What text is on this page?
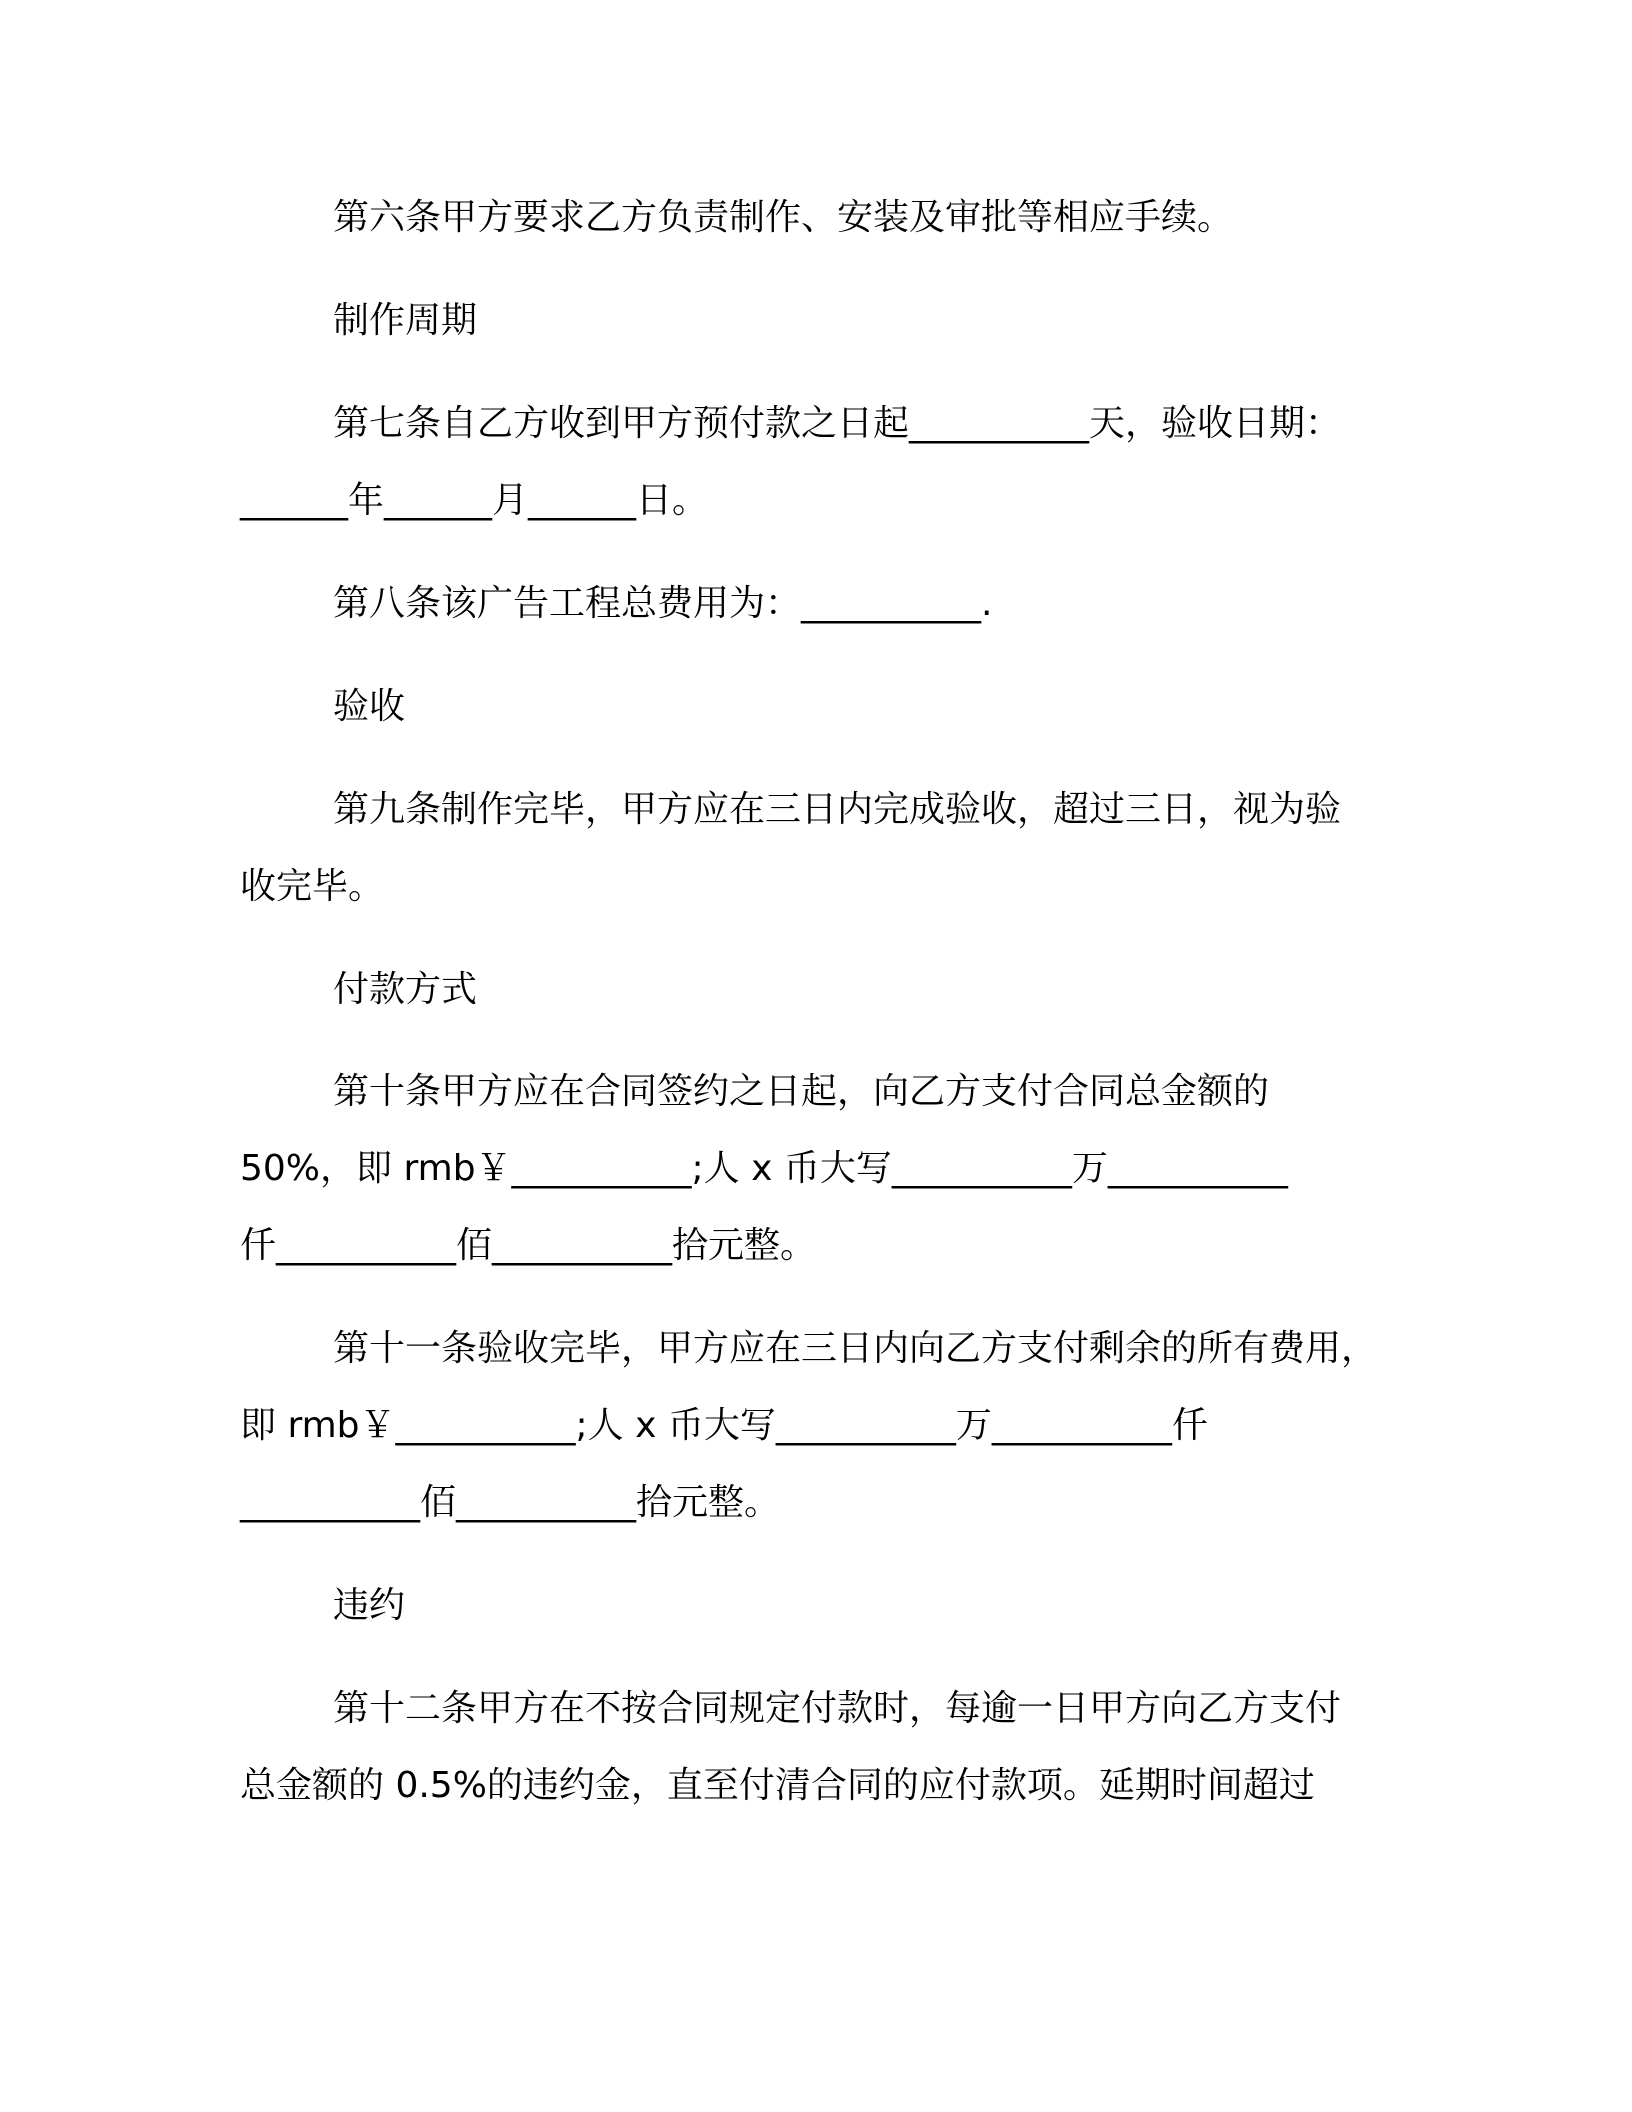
第六条甲方要求乙方负责制作、安装及审批等相应手续。
制作周期
第七条自乙方收到甲方预付款之日起__________天，验收日期：
______年______月______日。
第八条该广告工程总费用为：__________.
验收
第九条制作完毕，甲方应在三日内完成验收，超过三日，视为验
收完毕。
付款方式
第十条甲方应在合同签约之日起，向乙方支付合同总金额的
50%，即 rmb￥__________;人 x 币大写__________万__________
仟__________佰__________拾元整。
第十一条验收完毕，甲方应在三日内向乙方支付剩余的所有费用，
即 rmb￥__________;人 x 币大写__________万__________仟
__________佰__________拾元整。
违约
第十二条甲方在不按合同规定付款时，每逾一日甲方向乙方支付
总金额的 0.5%的违约金，直至付清合同的应付款项。延期时间超过
